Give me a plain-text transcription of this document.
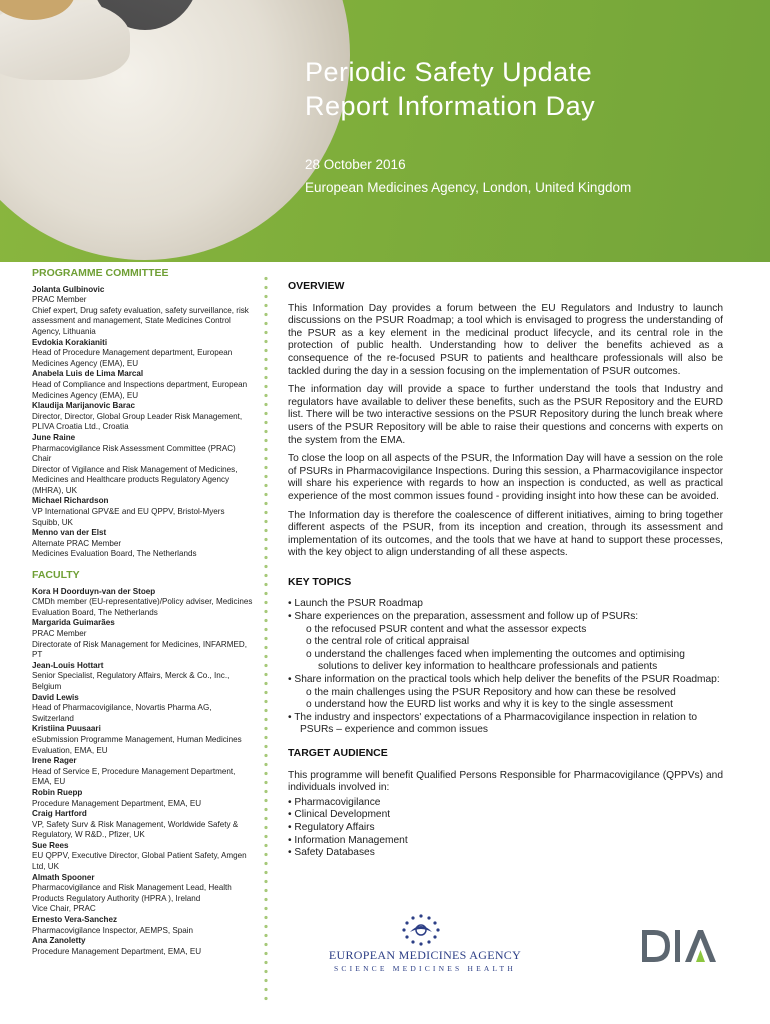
Periodic Safety Update
Report Information Day
28 October 2016
European Medicines Agency, London, United Kingdom
PROGRAMME COMMITTEE
Jolanta Gulbinovic
PRAC Member
Chief expert, Drug safety evaluation, safety surveillance, risk assessment and management, State Medicines Control Agency, Lithuania
Evdokia Korakianiti
Head of Procedure Management department, European Medicines Agency (EMA), EU
Anabela Luis de Lima Marcal
Head of Compliance and Inspections department, European Medicines Agency (EMA), EU
Klaudija Marijanovic Barac
Director, Director, Global Group Leader Risk Management, PLIVA Croatia Ltd., Croatia
June Raine
Pharmacovigilance Risk Assessment Committee (PRAC) Chair
Director of Vigilance and Risk Management of Medicines, Medicines and Healthcare products Regulatory Agency (MHRA), UK
Michael Richardson
VP International GPV&E and EU QPPV, Bristol-Myers Squibb, UK
Menno van der Elst
Alternate PRAC Member
Medicines Evaluation Board, The Netherlands
FACULTY
Kora H Doorduyn-van der Stoep
CMDh member (EU-representative)/Policy adviser, Medicines Evaluation Board, The Netherlands
Margarida Guimarães
PRAC Member
Directorate of Risk Management for Medicines, INFARMED, PT
Jean-Louis Hottart
Senior Specialist, Regulatory Affairs, Merck & Co., Inc., Belgium
David Lewis
Head of Pharmacovigilance, Novartis Pharma AG, Switzerland
Kristiina Puusaari
eSubmission Programme Management, Human Medicines Evaluation, EMA, EU
Irene Rager
Head of Service E, Procedure Management Department, EMA, EU
Robin Ruepp
Procedure Management Department, EMA, EU
Craig Hartford
VP, Safety Surv & Risk Management, Worldwide Safety & Regulatory, W R&D., Pfizer, UK
Sue Rees
EU QPPV, Executive Director, Global Patient Safety, Amgen Ltd, UK
Almath Spooner
Pharmacovigilance and Risk Management Lead, Health Products Regulatory Authority (HPRA ), Ireland
Vice Chair, PRAC
Ernesto Vera-Sanchez
Pharmacovigilance Inspector, AEMPS, Spain
Ana Zanoletty
Procedure Management Department, EMA, EU
OVERVIEW
This Information Day provides a forum between the EU Regulators and Industry to launch discussions on the PSUR Roadmap; a tool which is envisaged to progress the understanding of the PSUR as a key element in the medicinal product lifecycle, and its central role in the protection of public health. Understanding how to deliver the benefits achieved as a consequence of the re-focused PSUR to patients and healthcare professionals will also be tackled during the day in a session focusing on the implementation of PSUR outcomes.
The information day will provide a space to further understand the tools that Industry and regulators have available to deliver these benefits, such as the PSUR Repository and the EURD list. There will be two interactive sessions on the PSUR Repository during the lunch break where users of the PSUR Repository will be able to raise their questions and concerns with experts on the system from the EMA.
To close the loop on all aspects of the PSUR, the Information Day will have a session on the role of PSURs in Pharmacovigilance Inspections. During this session, a Pharmacovigilance inspector will share his experience with regards to how an inspection is conducted, as well as practical experience of the most common issues found - providing insight into how these can be avoided.
The Information day is therefore the coalescence of different initiatives, aiming to bring together different aspects of the PSUR, from its inception and creation, through its assessment and implementation of its outcomes, and the tools that we have at hand to support these processes, with the key object to align understanding of all these aspects.
KEY TOPICS
• Launch the PSUR Roadmap
• Share experiences on the preparation, assessment and follow up of PSURs:
o the refocused PSUR content and what the assessor expects
o the central role of critical appraisal
o understand the challenges faced when implementing the outcomes and optimising solutions to deliver key information to healthcare professionals and patients
• Share information on the practical tools which help deliver the benefits of the PSUR Roadmap:
o the main challenges using the PSUR Repository and how can these be resolved
o understand how the EURD list works and why it is key to the single assessment
• The industry and inspectors' expectations of a Pharmacovigilance inspection in relation to PSURs – experience and common issues
TARGET AUDIENCE
This programme will benefit Qualified Persons Responsible for Pharmacovigilance (QPPVs) and individuals involved in:
• Pharmacovigilance
• Clinical Development
• Regulatory Affairs
• Information Management
• Safety Databases
EUROPEAN MEDICINES AGENCY
SCIENCE MEDICINES HEALTH
DIA
